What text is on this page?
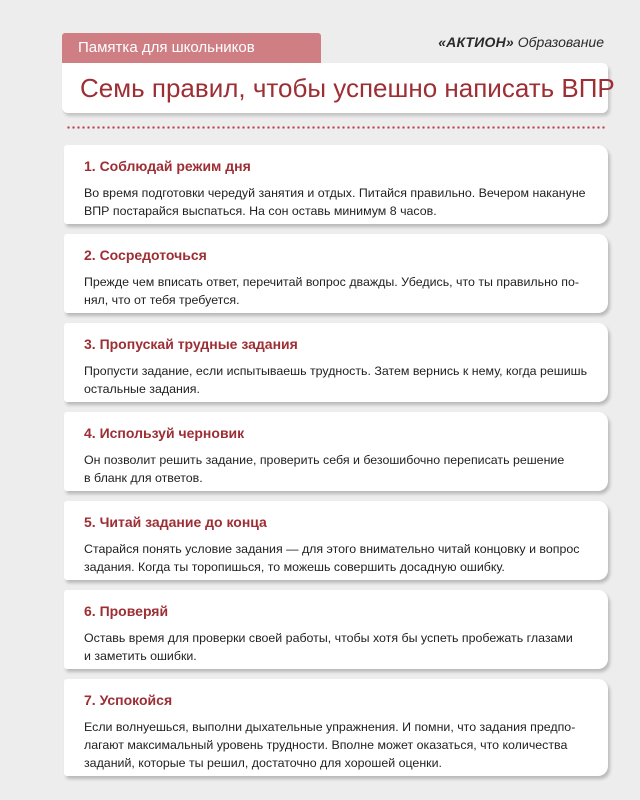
Памятка для школьников	«АКТИОН» Образование
Семь правил, чтобы успешно написать ВПР
1. Соблюдай режим дня
Во время подготовки чередуй занятия и отдых. Питайся правильно. Вечером накануне
ВПР постарайся выспаться. На сон оставь минимум 8 часов.
2. Сосредоточься
Прежде чем вписать ответ, перечитай вопрос дважды. Убедись, что ты правильно по-
нял, что от тебя требуется.
3. Пропускай трудные задания
Пропусти задание, если испытываешь трудность. Затем вернись к нему, когда решишь
остальные задания.
4. Используй черновик
Он позволит решить задание, проверить себя и безошибочно переписать решение
в бланк для ответов.
5. Читай задание до конца
Старайся понять условие задания — для этого внимательно читай концовку и вопрос
задания. Когда ты торопишься, то можешь совершить досадную ошибку.
6. Проверяй
Оставь время для проверки своей работы, чтобы хотя бы успеть пробежать глазами
и заметить ошибки.
7. Успокойся
Если волнуешься, выполни дыхательные упражнения. И помни, что задания предпо-
лагают максимальный уровень трудности. Вполне может оказаться, что количества
заданий, которые ты решил, достаточно для хорошей оценки.
